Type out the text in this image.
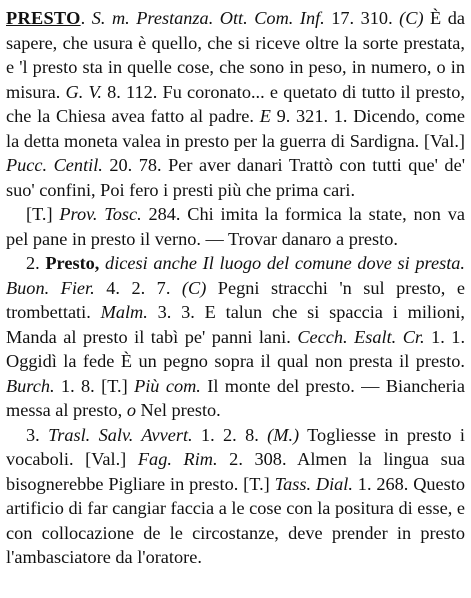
PRESTO. S. m. Prestanza. Ott. Com. Inf. 17. 310. (C) È da sapere, che usura è quello, che si riceve oltre la sorte prestata, e 'l presto sta in quelle cose, che sono in peso, in numero, o in misura. G. V. 8. 112. Fu coronato... e quetato di tutto il presto, che la Chiesa avea fatto al padre. E 9. 321. 1. Dicendo, come la detta moneta valea in presto per la guerra di Sardigna. [Val.] Pucc. Centil. 20. 78. Per aver danari Trattò con tutti que' de' suo' confini, Poi fero i presti più che prima cari.

[T.] Prov. Tosc. 284. Chi imita la formica la state, non va pel pane in presto il verno. — Trovar danaro a presto.

2. Presto, dicesi anche Il luogo del comune dove si presta. Buon. Fier. 4. 2. 7. (C) Pegni stracchi 'n sul presto, e trombettati. Malm. 3. 3. E talun che si spaccia i milioni, Manda al presto il tabì pe' panni lani. Cecch. Esalt. Cr. 1. 1. Oggidì la fede È un pegno sopra il qual non presta il presto. Burch. 1. 8. [T.] Più com. Il monte del presto. — Biancheria messa al presto, o Nel presto.

3. Trasl. Salv. Avvert. 1. 2. 8. (M.) Togliesse in presto i vocaboli. [Val.] Fag. Rim. 2. 308. Almen la lingua sua bisognerebbe Pigliare in presto. [T.] Tass. Dial. 1. 268. Questo artificio di far cangiar faccia a le cose con la positura di esse, e con collocazione de le circostanze, deve prender in presto l'ambasciatore da l'oratore.
